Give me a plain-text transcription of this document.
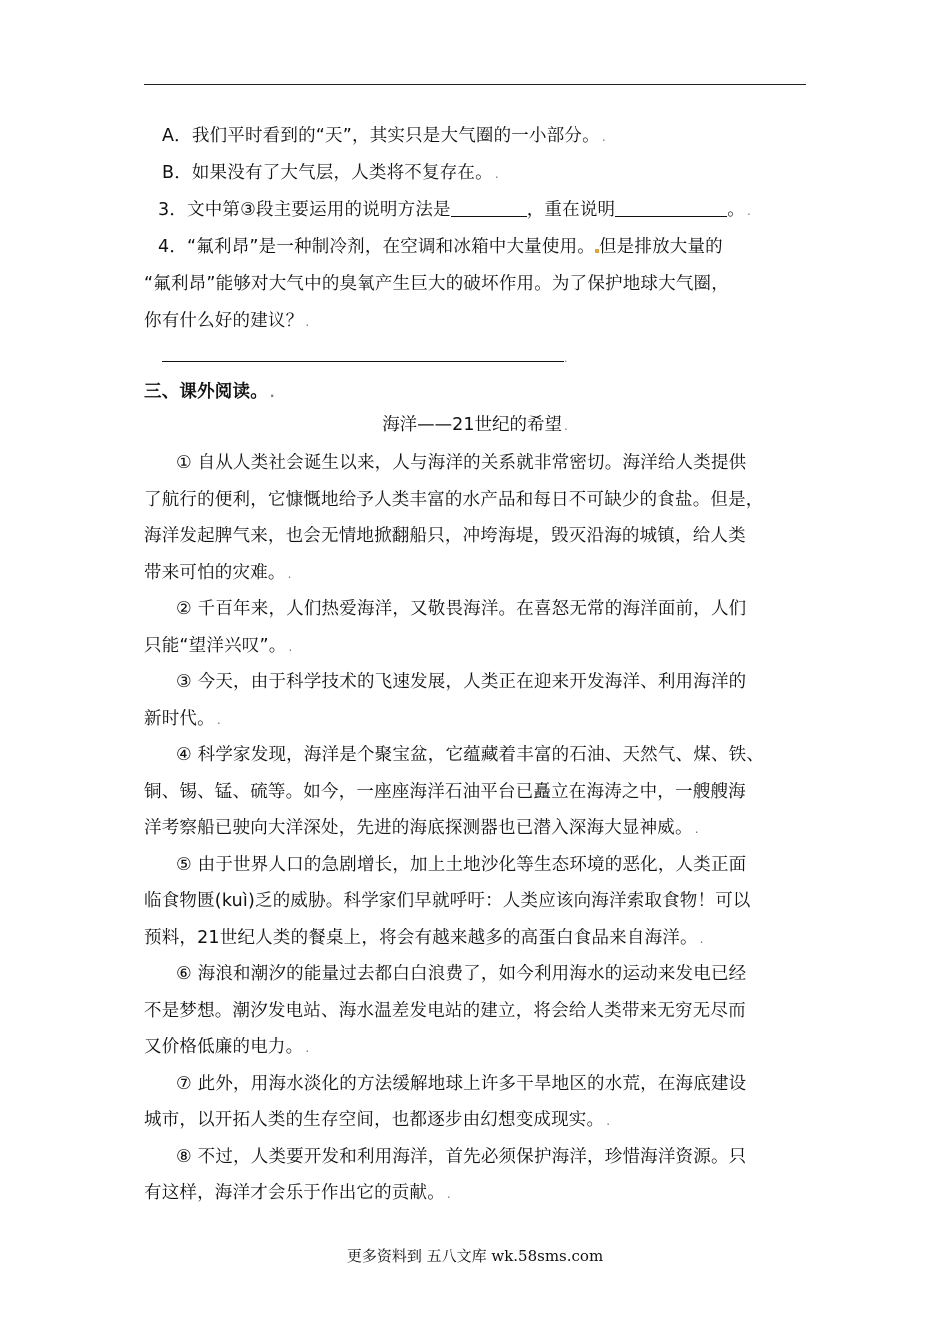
A．我们平时看到的“天”，其实只是大气圈的一小部分。 .
B．如果没有了大气层，人类将不复存在。 .
3．文中第③段主要运用的说明方法是	，重在说明	。 .
4．“氟利昂”是一种制冷剂，在空调和冰箱中大量使用。 但是排放大量的
“氟利昂”能够对大气中的臭氧产生巨大的破坏作用。为了保护地球大气圈，
你有什么好的建议？ .
.
三、课外阅读。 .
海洋——21世纪的希望 .
① 自从人类社会诞生以来，人与海洋的关系就非常密切。海洋给人类提供
了航行的便利，它慷慨地给予人类丰富的水产品和每日不可缺少的食盐。但是，
海洋发起脾气来，也会无情地掀翻船只，冲垮海堤，毁灭沿海的城镇，给人类
带来可怕的灾难。 .
② 千百年来，人们热爱海洋，又敬畏海洋。在喜怒无常的海洋面前，人们
只能“望洋兴叹”。 .
③ 今天，由于科学技术的飞速发展，人类正在迎来开发海洋、利用海洋的
新时代。 .
④ 科学家发现，海洋是个聚宝盆，它蕴藏着丰富的石油、天然气、煤、铁、
铜、锡、锰、硫等。如今，一座座海洋石油平台已矗立在海涛之中，一艘艘海
洋考察船已驶向大洋深处，先进的海底探测器也已潜入深海大显神威。 .
⑤ 由于世界人口的急剧增长，加上土地沙化等生态环境的恶化，人类正面
临食物匮(kuì)乏的威胁。科学家们早就呼吁：人类应该向海洋索取食物！可以
预料，21世纪人类的餐桌上，将会有越来越多的高蛋白食品来自海洋。 .
⑥ 海浪和潮汐的能量过去都白白浪费了，如今利用海水的运动来发电已经
不是梦想。潮汐发电站、海水温差发电站的建立，将会给人类带来无穷无尽而
又价格低廉的电力。 .
⑦ 此外，用海水淡化的方法缓解地球上许多干旱地区的水荒，在海底建设
城市，以开拓人类的生存空间，也都逐步由幻想变成现实。 .
⑧ 不过，人类要开发和利用海洋，首先必须保护海洋，珍惜海洋资源。只
有这样，海洋才会乐于作出它的贡献。 .
更多资料到 五八文库 wk.58sms.com
